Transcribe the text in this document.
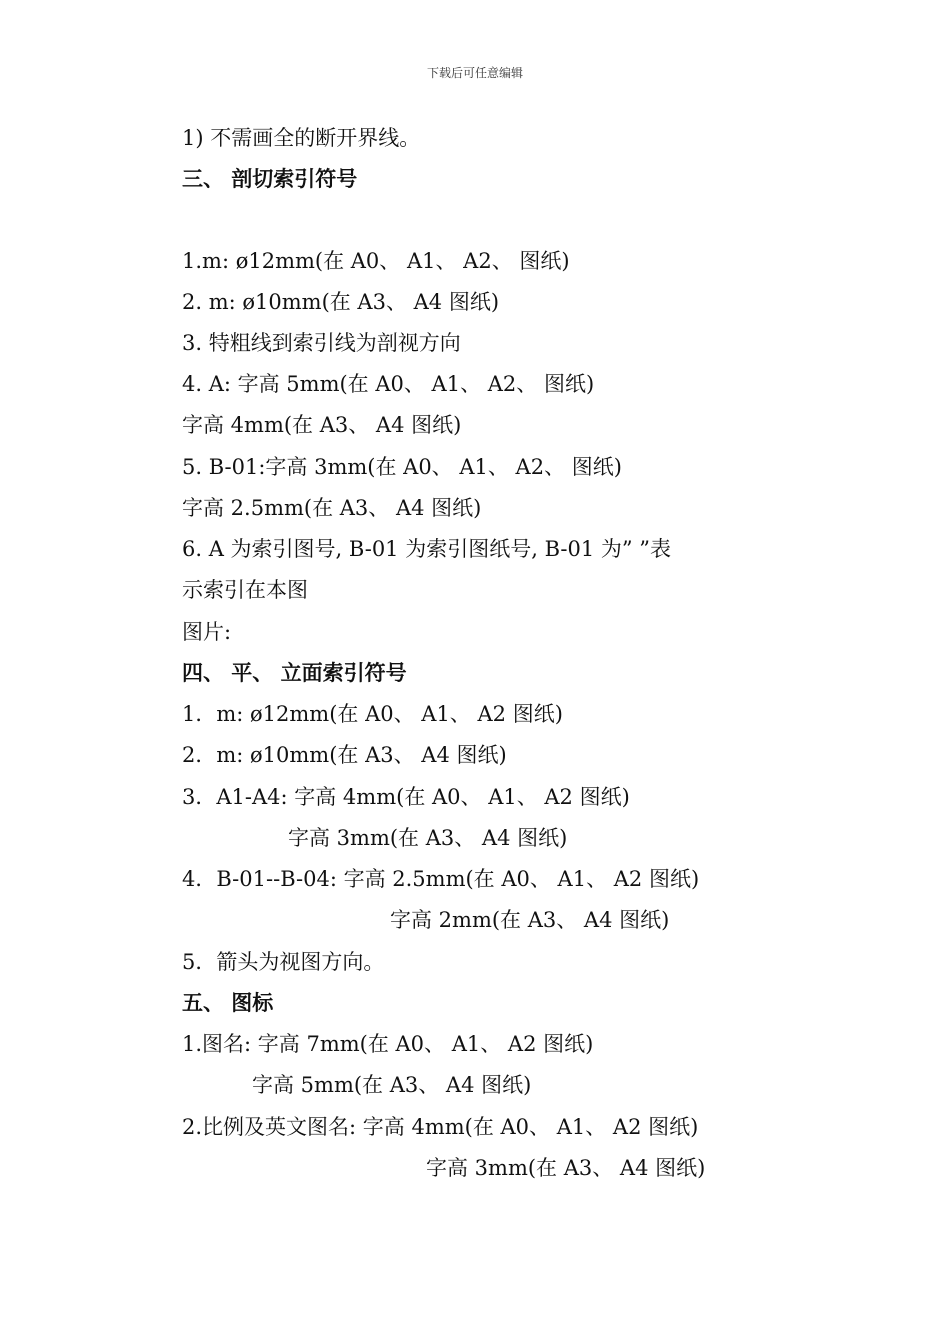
下载后可任意编辑
1) 不需画全的断开界线。
三、 剖切索引符号
1.m: ø12mm(在 A0、 A1、 A2、 图纸)
2. m: ø10mm(在 A3、 A4 图纸)
3. 特粗线到索引线为剖视方向
4. A: 字高 5mm(在 A0、 A1、 A2、 图纸)
字高 4mm(在 A3、 A4 图纸)
5. B-01:字高 3mm(在 A0、 A1、 A2、 图纸)
字高 2.5mm(在 A3、 A4 图纸)
6. A 为索引图号, B-01 为索引图纸号, B-01 为” ”表
示索引在本图
图片:
四、 平、 立面索引符号
1．m: ø12mm(在 A0、 A1、 A2 图纸)
2．m: ø10mm(在 A3、 A4 图纸)
3．A1-A4: 字高 4mm(在 A0、 A1、 A2 图纸)
字高 3mm(在 A3、 A4 图纸)
4．B-01--B-04: 字高 2.5mm(在 A0、 A1、 A2 图纸)
字高 2mm(在 A3、 A4 图纸)
5．箭头为视图方向。
五、 图标
1.图名: 字高 7mm(在 A0、 A1、 A2 图纸)
字高 5mm(在 A3、 A4 图纸)
2.比例及英文图名: 字高 4mm(在 A0、 A1、 A2 图纸)
字高 3mm(在 A3、 A4 图纸)
